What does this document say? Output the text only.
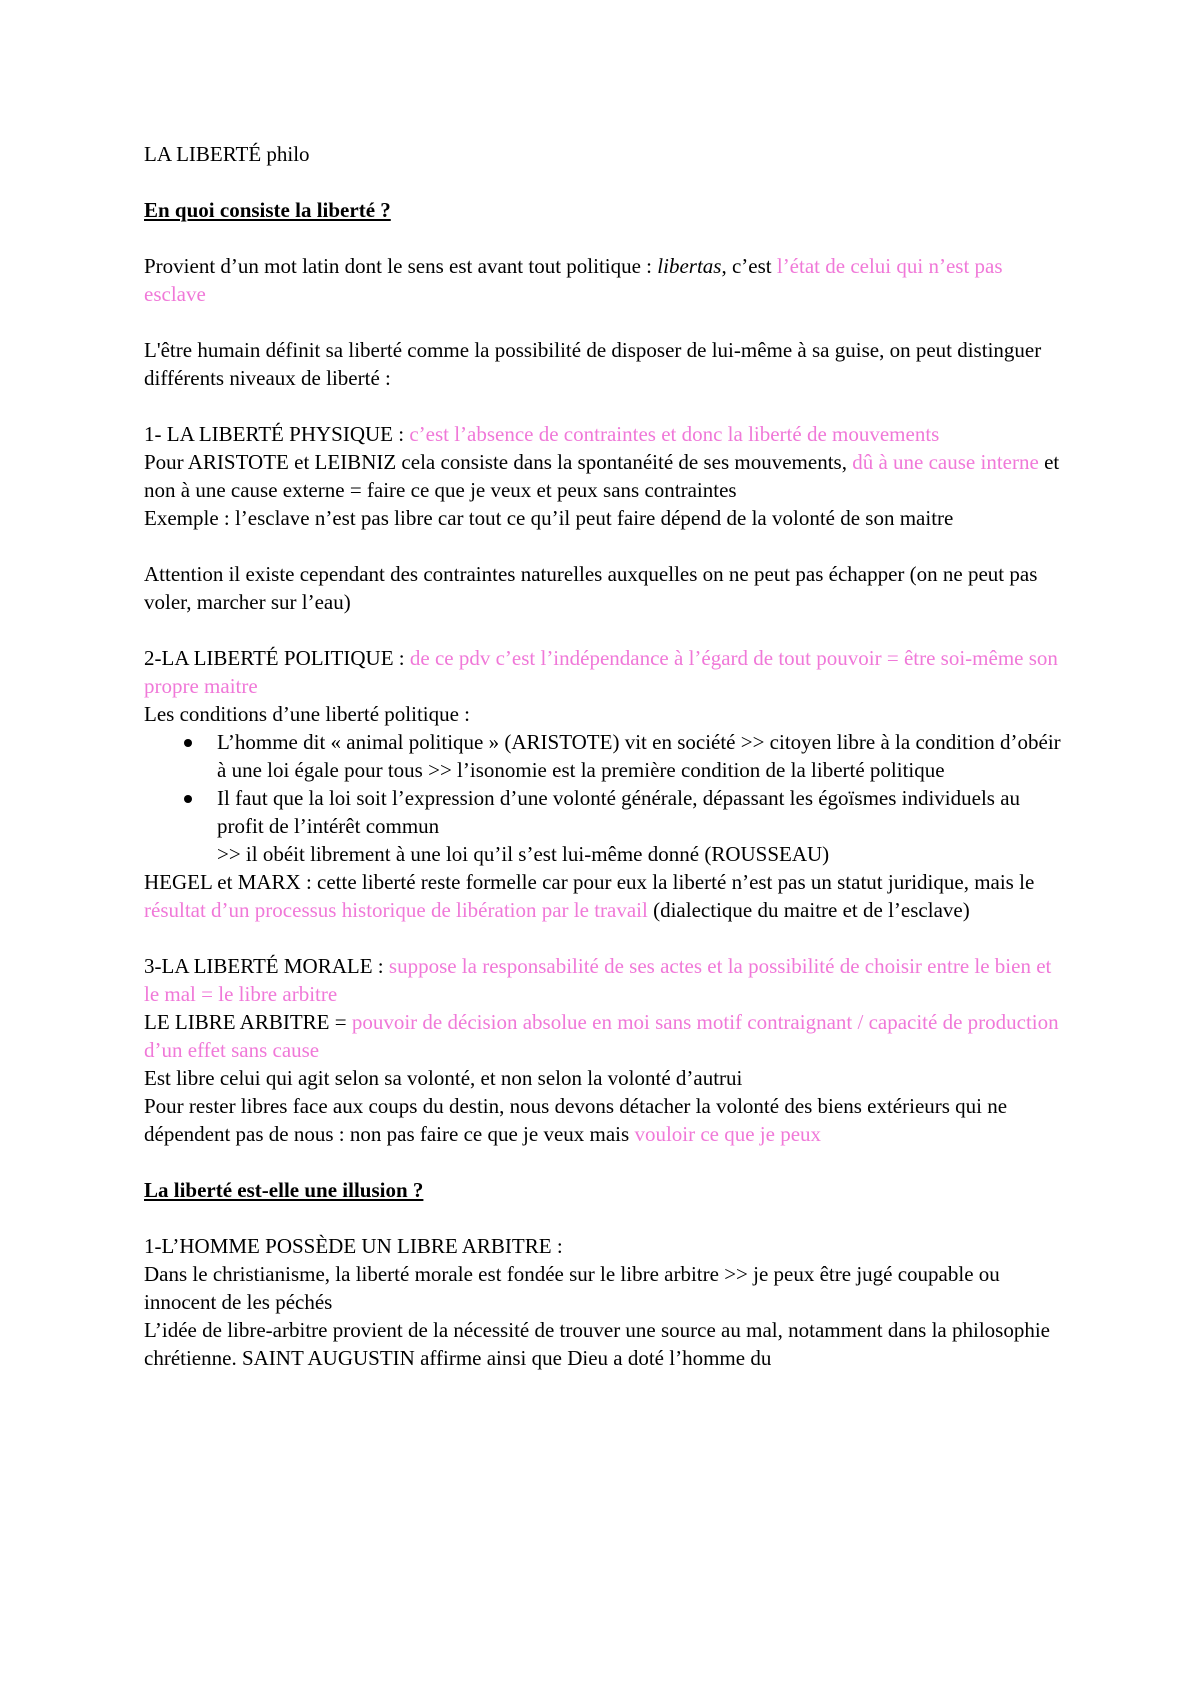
LA LIBERTÉ philo

En quoi consiste la liberté ?

Provient d’un mot latin dont le sens est avant tout politique : libertas, c’est l’état de celui qui n’est pas esclave

L'être humain définit sa liberté comme la possibilité de disposer de lui-même à sa guise, on peut distinguer différents niveaux de liberté :

1- LA LIBERTÉ PHYSIQUE : c’est l’absence de contraintes et donc la liberté de mouvements

Pour ARISTOTE et LEIBNIZ cela consiste dans la spontanéité de ses mouvements, dû à une cause interne et non à une cause externe = faire ce que je veux et peux sans contraintes

Exemple : l’esclave n’est pas libre car tout ce qu’il peut faire dépend de la volonté de son maitre

Attention il existe cependant des contraintes naturelles auxquelles on ne peut pas échapper (on ne peut pas voler, marcher sur l’eau)

2-LA LIBERTÉ POLITIQUE : de ce pdv c’est l’indépendance à l’égard de tout pouvoir = être soi-même son propre maitre

Les conditions d’une liberté politique :

L’homme dit « animal politique » (ARISTOTE) vit en société >> citoyen libre à la condition d’obéir à une loi égale pour tous >> l’isonomie est la première condition de la liberté politique
Il faut que la loi soit l’expression d’une volonté générale, dépassant les égoïsmes individuels au profit de l’intérêt commun

>> il obéit librement à une loi qu’il s’est lui-même donné (ROUSSEAU)

HEGEL et MARX : cette liberté reste formelle car pour eux la liberté n’est pas un statut juridique, mais le résultat d’un processus historique de libération par le travail (dialectique du maitre et de l’esclave)

3-LA LIBERTÉ MORALE : suppose la responsabilité de ses actes et la possibilité de choisir entre le bien et le mal = le libre arbitre

LE LIBRE ARBITRE = pouvoir de décision absolue en moi sans motif contraignant / capacité de production d’un effet sans cause

Est libre celui qui agit selon sa volonté, et non selon la volonté d’autrui

Pour rester libres face aux coups du destin, nous devons détacher la volonté des biens extérieurs qui ne dépendent pas de nous : non pas faire ce que je veux mais vouloir ce que je peux

La liberté est-elle une illusion ?

1-L’HOMME POSSÈDE UN LIBRE ARBITRE :

Dans le christianisme, la liberté morale est fondée sur le libre arbitre >> je peux être jugé coupable ou innocent de les péchés

L’idée de libre-arbitre provient de la nécessité de trouver une source au mal, notamment dans la philosophie chrétienne. SAINT AUGUSTIN affirme ainsi que Dieu a doté l’homme du
